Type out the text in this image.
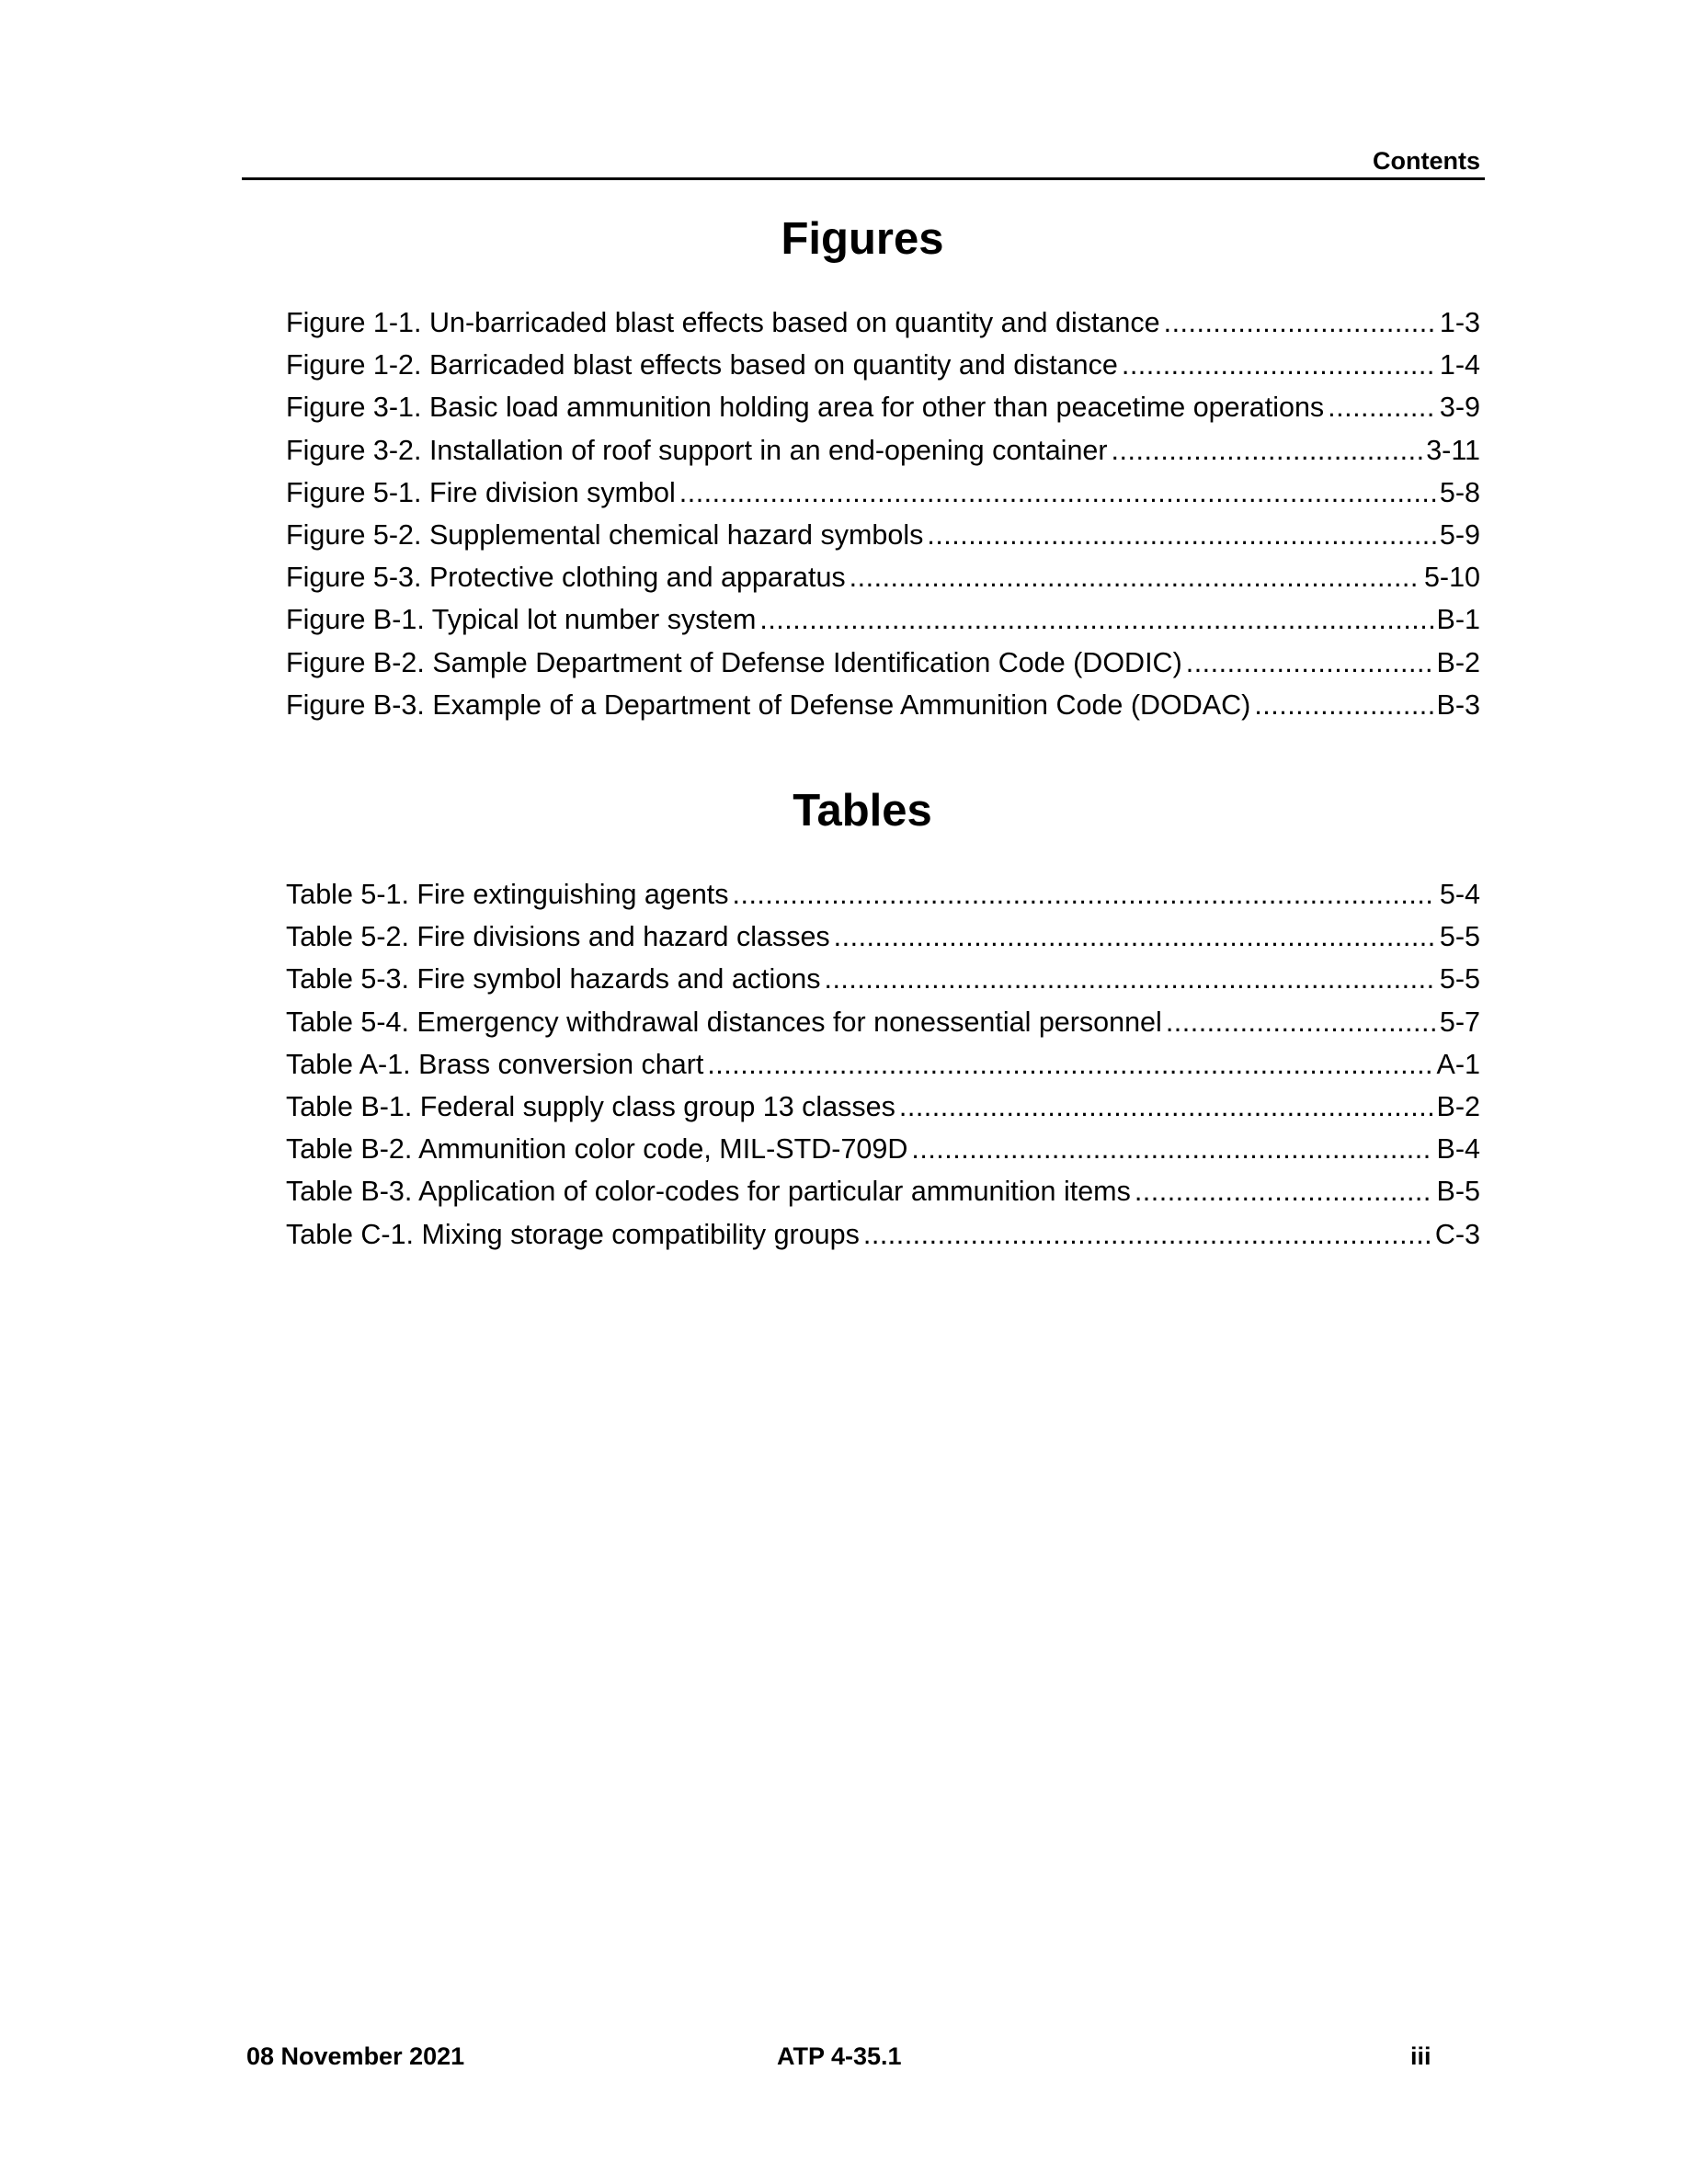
Contents
Figures
Figure 1-1. Un-barricaded blast effects based on quantity and distance .....	1-3
Figure 1-2. Barricaded blast effects based on quantity and distance .....	1-4
Figure 3-1. Basic load ammunition holding area for other than peacetime operations .....	3-9
Figure 3-2. Installation of roof support in an end-opening container .....	3-11
Figure 5-1. Fire division symbol .....	5-8
Figure 5-2. Supplemental chemical hazard symbols .....	5-9
Figure 5-3. Protective clothing and apparatus .....	5-10
Figure B-1. Typical lot number system .....	B-1
Figure B-2. Sample Department of Defense Identification Code (DODIC) .....	B-2
Figure B-3. Example of a Department of Defense Ammunition Code (DODAC) .....	B-3
Tables
Table 5-1. Fire extinguishing agents .....	5-4
Table 5-2. Fire divisions and hazard classes .....	5-5
Table 5-3. Fire symbol hazards and actions .....	5-5
Table 5-4. Emergency withdrawal distances for nonessential personnel .....	5-7
Table A-1. Brass conversion chart .....	A-1
Table B-1. Federal supply class group 13 classes .....	B-2
Table B-2. Ammunition color code, MIL-STD-709D .....	B-4
Table B-3. Application of color-codes for particular ammunition items .....	B-5
Table C-1. Mixing storage compatibility groups .....	C-3
08 November 2021	ATP 4-35.1	iii
